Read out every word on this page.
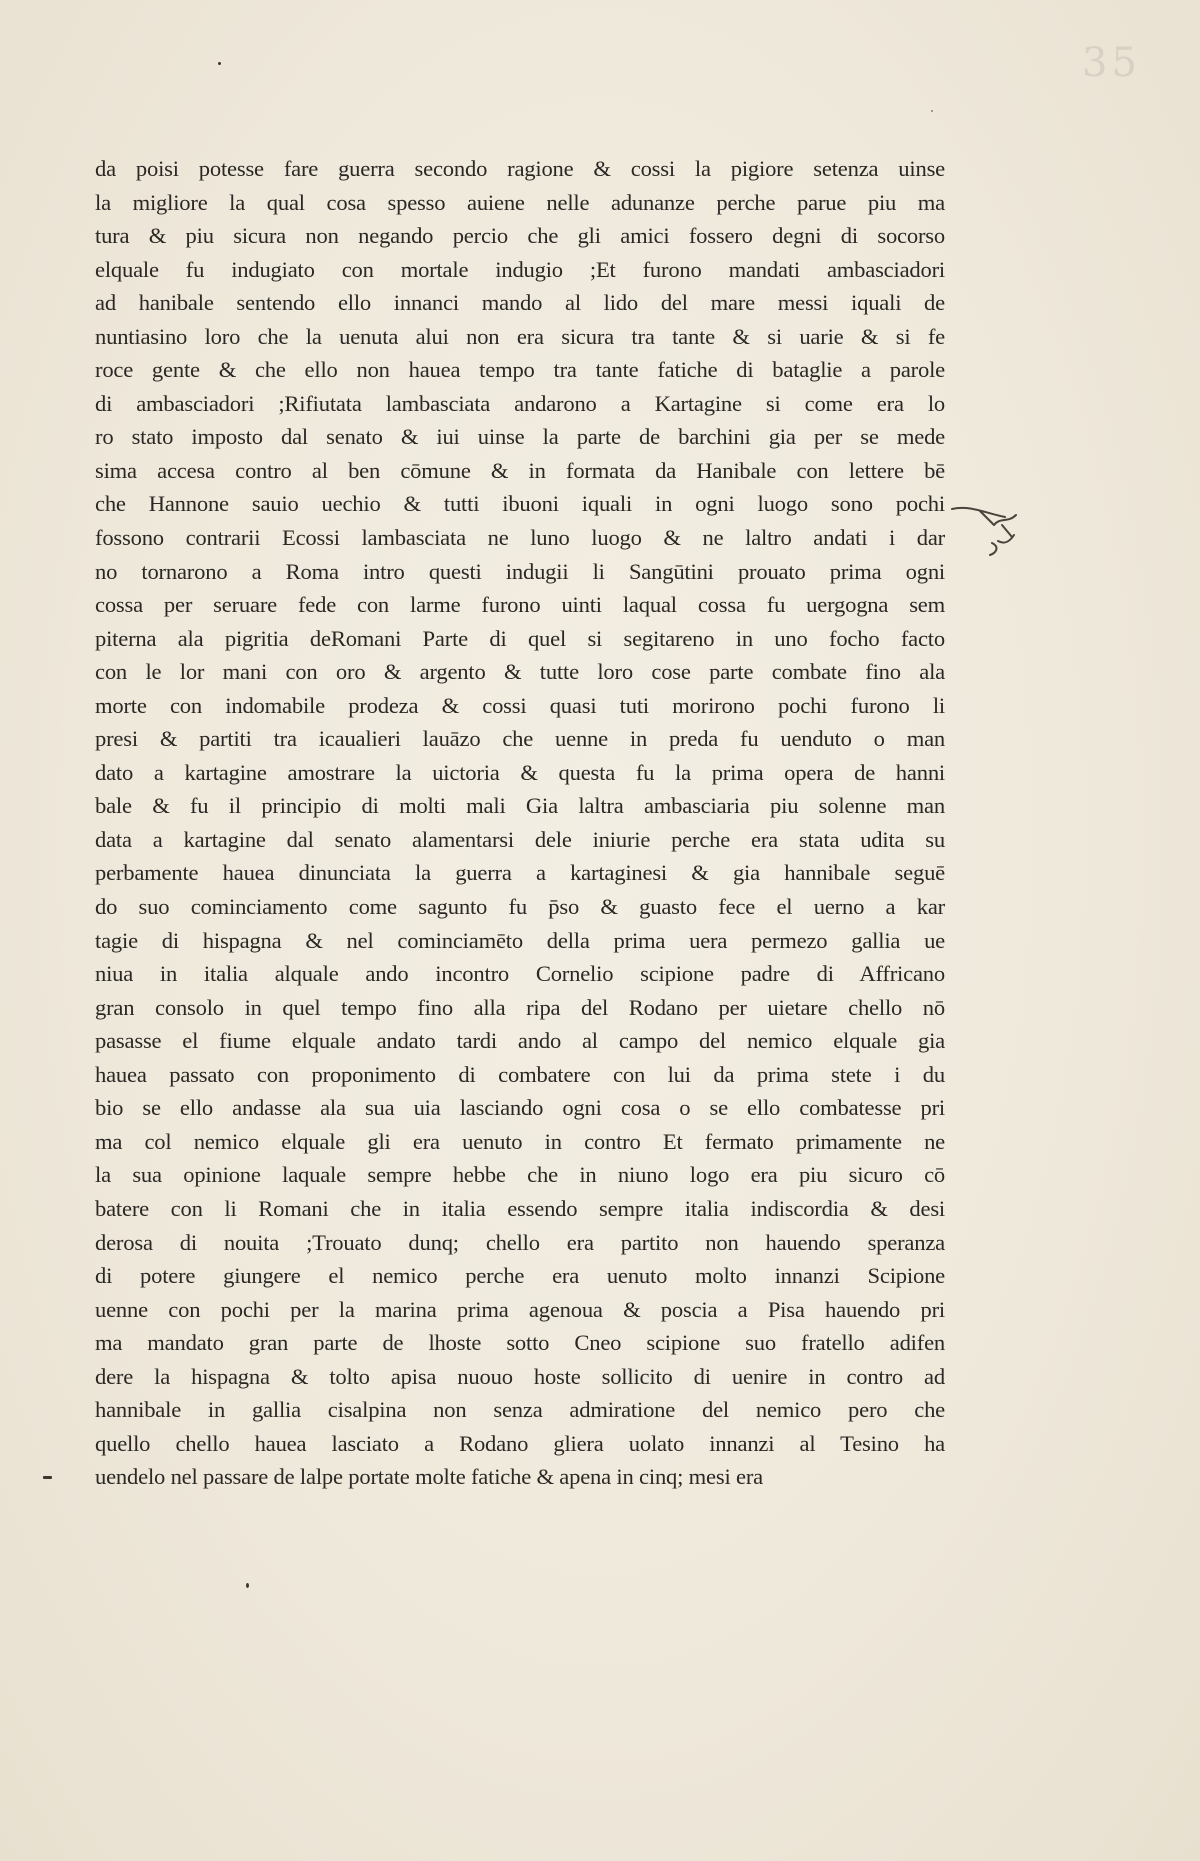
35
da poisi potesse fare guerra secondo ragione & cossi la pigiore setenza uinse
la migliore la qual cosa spesso auiene nelle adunanze perche parue piu ma
tura & piu sicura non negando percio che gli amici fossero degni di socorso
elquale fu indugiato con mortale indugio ;Et furono mandati ambasciadori
ad hanibale sentendo ello innanci mando al lido del mare messi iquali de
nuntiasino loro che la uenuta alui non era sicura tra tante & si uarie & si fe
roce gente & che ello non hauea tempo tra tante fatiche di bataglie a parole
di ambasciadori ;Rifiutata lambasciata andarono a Kartagine si come era lo
ro stato imposto dal senato & iui uinse la parte de barchini gia per se mede
sima accesa contro al ben cōmune & in formata da Hanibale con lettere bē
che Hannone sauio uechio & tutti ibuoni iquali in ogni luogo sono pochi
fossono contrarii Ecossi lambasciata ne luno luogo & ne laltro andati i dar
no tornarono a Roma intro questi indugii li Sangūtini prouato prima ogni
cossa per seruare fede con larme furono uinti laqual cossa fu uergogna sem
piterna ala pigritia deRomani Parte di quel si segitareno in uno focho facto
con le lor mani con oro & argento & tutte loro cose parte combate fino ala
morte con indomabile prodeza & cossi quasi tuti morirono pochi furono li
presi & partiti tra icaualieri lauāzo che uenne in preda fu uenduto o man
dato a kartagine amostrare la uictoria & questa fu la prima opera de hanni
bale & fu il principio di molti mali Gia laltra ambasciaria piu solenne man
data a kartagine dal senato alamentarsi dele iniurie perche era stata udita su
perbamente hauea dinunciata la guerra a kartaginesi & gia hannibale seguē
do suo cominciamento come sagunto fu p̄so & guasto fece el uerno a kar
tagie di hispagna & nel cominciamēto della prima uera permezo gallia ue
niua in italia alquale ando incontro Cornelio scipione padre di Affricano
gran consolo in quel tempo fino alla ripa del Rodano per uietare chello nō
pasasse el fiume elquale andato tardi ando al campo del nemico elquale gia
hauea passato con proponimento di combatere con lui da prima stete i du
bio se ello andasse ala sua uia lasciando ogni cosa o se ello combatesse pri
ma col nemico elquale gli era uenuto in contro Et fermato primamente ne
la sua opinione laquale sempre hebbe che in niuno logo era piu sicuro cō
batere con li Romani che in italia essendo sempre italia indiscordia & desi
derosa di nouita ;Trouato dunq; chello era partito non hauendo speranza
di potere giungere el nemico perche era uenuto molto innanzi Scipione
uenne con pochi per la marina prima agenoua & poscia a Pisa hauendo pri
ma mandato gran parte de lhoste sotto Cneo scipione suo fratello adifen
dere la hispagna & tolto apisa nuouo hoste sollicito di uenire in contro ad
hannibale in gallia cisalpina non senza admiratione del nemico pero che
quello chello hauea lasciato a Rodano gliera uolato innanzi al Tesino ha
uendelo nel passare de lalpe portate molte fatiche & apena in cinq; mesi era
